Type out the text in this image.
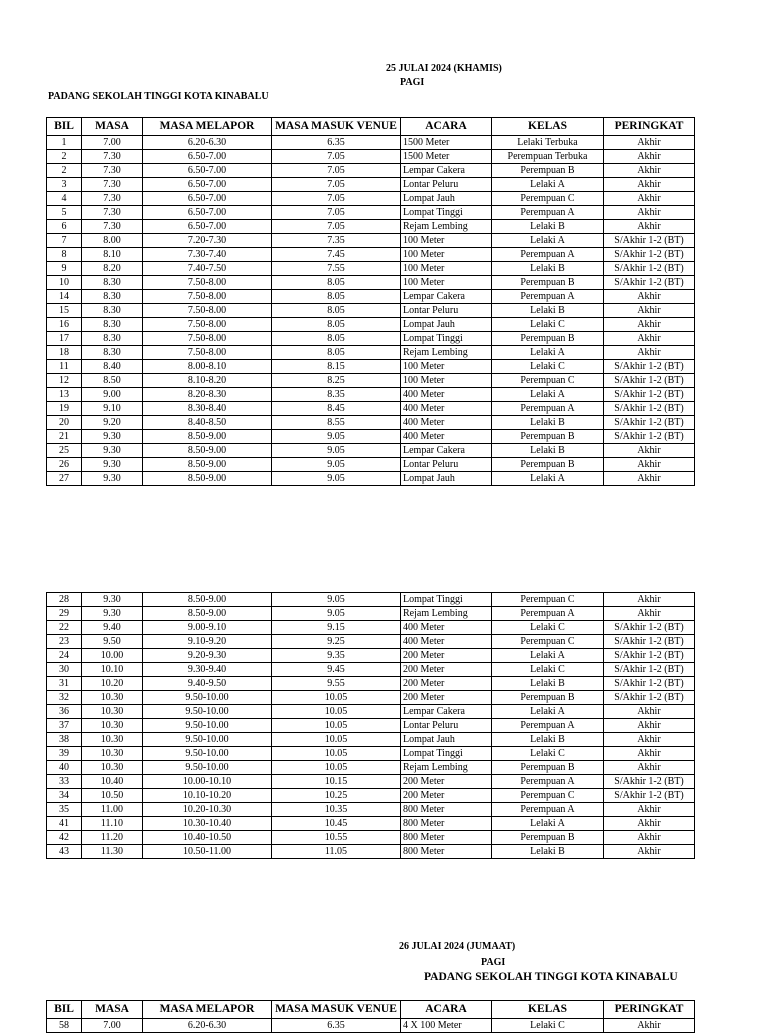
25 JULAI 2024 (KHAMIS)
PAGI
PADANG SEKOLAH TINGGI KOTA KINABALU
BIL	MASA	MASA MELAPOR	MASA MASUK VENUE	ACARA	KELAS	PERINGKAT
1	7.00	6.20-6.30	6.35	1500 Meter	Lelaki Terbuka	Akhir
2	7.30	6.50-7.00	7.05	1500 Meter	Perempuan Terbuka	Akhir
2	7.30	6.50-7.00	7.05	Lempar Cakera	Perempuan B	Akhir
3	7.30	6.50-7.00	7.05	Lontar Peluru	Lelaki A	Akhir
4	7.30	6.50-7.00	7.05	Lompat Jauh	Perempuan C	Akhir
5	7.30	6.50-7.00	7.05	Lompat Tinggi	Perempuan A	Akhir
6	7.30	6.50-7.00	7.05	Rejam Lembing	Lelaki B	Akhir
7	8.00	7.20-7.30	7.35	100 Meter	Lelaki A	S/Akhir 1-2 (BT)
8	8.10	7.30-7.40	7.45	100 Meter	Perempuan A	S/Akhir 1-2 (BT)
9	8.20	7.40-7.50	7.55	100 Meter	Lelaki B	S/Akhir 1-2 (BT)
10	8.30	7.50-8.00	8.05	100 Meter	Perempuan B	S/Akhir 1-2 (BT)
14	8.30	7.50-8.00	8.05	Lempar Cakera	Perempuan A	Akhir
15	8.30	7.50-8.00	8.05	Lontar Peluru	Lelaki B	Akhir
16	8.30	7.50-8.00	8.05	Lompat Jauh	Lelaki C	Akhir
17	8.30	7.50-8.00	8.05	Lompat Tinggi	Perempuan B	Akhir
18	8.30	7.50-8.00	8.05	Rejam Lembing	Lelaki A	Akhir
11	8.40	8.00-8.10	8.15	100 Meter	Lelaki C	S/Akhir 1-2 (BT)
12	8.50	8.10-8.20	8.25	100 Meter	Perempuan C	S/Akhir 1-2 (BT)
13	9.00	8.20-8.30	8.35	400 Meter	Lelaki A	S/Akhir 1-2 (BT)
19	9.10	8.30-8.40	8.45	400 Meter	Perempuan A	S/Akhir 1-2 (BT)
20	9.20	8.40-8.50	8.55	400 Meter	Lelaki B	S/Akhir 1-2 (BT)
21	9.30	8.50-9.00	9.05	400 Meter	Perempuan B	S/Akhir 1-2 (BT)
25	9.30	8.50-9.00	9.05	Lempar Cakera	Lelaki B	Akhir
26	9.30	8.50-9.00	9.05	Lontar Peluru	Perempuan B	Akhir
27	9.30	8.50-9.00	9.05	Lompat Jauh	Lelaki A	Akhir
28	9.30	8.50-9.00	9.05	Lompat Tinggi	Perempuan C	Akhir
29	9.30	8.50-9.00	9.05	Rejam Lembing	Perempuan A	Akhir
22	9.40	9.00-9.10	9.15	400 Meter	Lelaki C	S/Akhir 1-2 (BT)
23	9.50	9.10-9.20	9.25	400 Meter	Perempuan C	S/Akhir 1-2 (BT)
24	10.00	9.20-9.30	9.35	200 Meter	Lelaki A	S/Akhir 1-2 (BT)
30	10.10	9.30-9.40	9.45	200 Meter	Lelaki C	S/Akhir 1-2 (BT)
31	10.20	9.40-9.50	9.55	200 Meter	Lelaki B	S/Akhir 1-2 (BT)
32	10.30	9.50-10.00	10.05	200 Meter	Perempuan B	S/Akhir 1-2 (BT)
36	10.30	9.50-10.00	10.05	Lempar Cakera	Lelaki A	Akhir
37	10.30	9.50-10.00	10.05	Lontar Peluru	Perempuan A	Akhir
38	10.30	9.50-10.00	10.05	Lompat Jauh	Lelaki B	Akhir
39	10.30	9.50-10.00	10.05	Lompat Tinggi	Lelaki C	Akhir
40	10.30	9.50-10.00	10.05	Rejam Lembing	Perempuan B	Akhir
33	10.40	10.00-10.10	10.15	200 Meter	Perempuan A	S/Akhir 1-2 (BT)
34	10.50	10.10-10.20	10.25	200 Meter	Perempuan C	S/Akhir 1-2 (BT)
35	11.00	10.20-10.30	10.35	800 Meter	Perempuan A	Akhir
41	11.10	10.30-10.40	10.45	800 Meter	Lelaki A	Akhir
42	11.20	10.40-10.50	10.55	800 Meter	Perempuan B	Akhir
43	11.30	10.50-11.00	11.05	800 Meter	Lelaki B	Akhir
26 JULAI 2024 (JUMAAT)
PAGI
PADANG SEKOLAH TINGGI KOTA KINABALU
BIL	MASA	MASA MELAPOR	MASA MASUK VENUE	ACARA	KELAS	PERINGKAT
58	7.00	6.20-6.30	6.35	4 X 100 Meter	Lelaki C	Akhir
